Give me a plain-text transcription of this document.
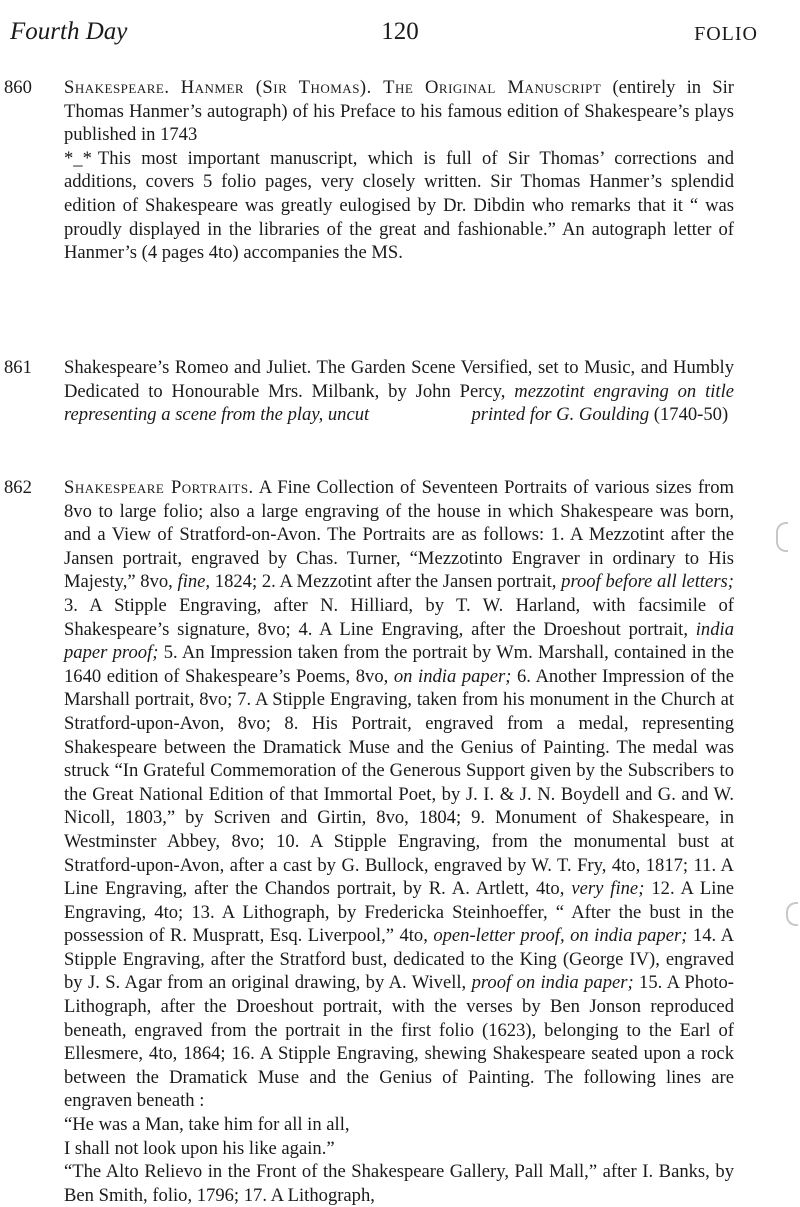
Fourth Day	120	FOLIO
860	Shakespeare. Hanmer (Sir Thomas). The Original Manuscript (entirely in Sir Thomas Hanmer’s autograph) of his Preface to his famous edition of Shakespeare’s plays published in 1743

*_* This most important manuscript, which is full of Sir Thomas’ corrections and additions, covers 5 folio pages, very closely written. Sir Thomas Hanmer’s splendid edition of Shakespeare was greatly eulogised by Dr. Dibdin who remarks that it “ was proudly displayed in the libraries of the great and fashionable.” An autograph letter of Hanmer’s (4 pages 4to) accompanies the MS.

861	Shakespeare’s Romeo and Juliet. The Garden Scene Versified, set to Music, and Humbly Dedicated to Honourable Mrs. Milbank, by John Percy, mezzotint engraving on title representing a scene from the play, uncut      	printed for G. Goulding (1740-50)

862	Shakespeare Portraits. A Fine Collection of Seventeen Portraits of various sizes from 8vo to large folio; also a large engraving of the house in which Shakespeare was born, and a View of Stratford-on-Avon. The Portraits are as follows: 1. A Mezzotint after the Jansen portrait, engraved by Chas. Turner, “Mezzotinto Engraver in ordinary to His Majesty,” 8vo, fine, 1824; 2. A Mezzotint after the Jansen portrait, proof before all letters; 3. A Stipple Engraving, after N. Hilliard, by T. W. Harland, with facsimile of Shakespeare’s signature, 8vo; 4. A Line Engraving, after the Droeshout portrait, india paper proof; 5. An Impression taken from the portrait by Wm. Marshall, contained in the 1640 edition of Shakespeare’s Poems, 8vo, on india paper; 6. Another Impression of the Marshall portrait, 8vo; 7. A Stipple Engraving, taken from his monument in the Church at Stratford-upon-Avon, 8vo; 8. His Portrait, engraved from a medal, representing Shakespeare between the Dramatick Muse and the Genius of Painting. The medal was struck “In Grateful Commemoration of the Generous Support given by the Subscribers to the Great National Edition of that Immortal Poet, by J. I. & J. N. Boydell and G. and W. Nicoll, 1803,” by Scriven and Girtin, 8vo, 1804; 9. Monument of Shakespeare, in Westminster Abbey, 8vo; 10. A Stipple Engraving, from the monumental bust at Stratford-upon-Avon, after a cast by G. Bullock, engraved by W. T. Fry, 4to, 1817; 11. A Line Engraving, after the Chandos portrait, by R. A. Artlett, 4to, very fine; 12. A Line Engraving, 4to; 13. A Lithograph, by Fredericka Steinhoeffer, “ After the bust in the possession of R. Muspratt, Esq. Liverpool,” 4to, open-letter proof, on india paper; 14. A Stipple Engraving, after the Stratford bust, dedicated to the King (George IV), engraved by J. S. Agar from an original drawing, by A. Wivell, proof on india paper; 15. A Photo-Lithograph, after the Droeshout portrait, with the verses by Ben Jonson reproduced beneath, engraved from the portrait in the first folio (1623), belonging to the Earl of Ellesmere, 4to, 1864; 16. A Stipple Engraving, shewing Shakespeare seated upon a rock between the Dramatick Muse and the Genius of Painting. The following lines are engraven beneath :

“He was a Man, take him for all in all,

I shall not look upon his like again.”

“The Alto Relievo in the Front of the Shakespeare Gallery, Pall Mall,” after I. Banks, by Ben Smith, folio, 1796; 17. A Lithograph,
